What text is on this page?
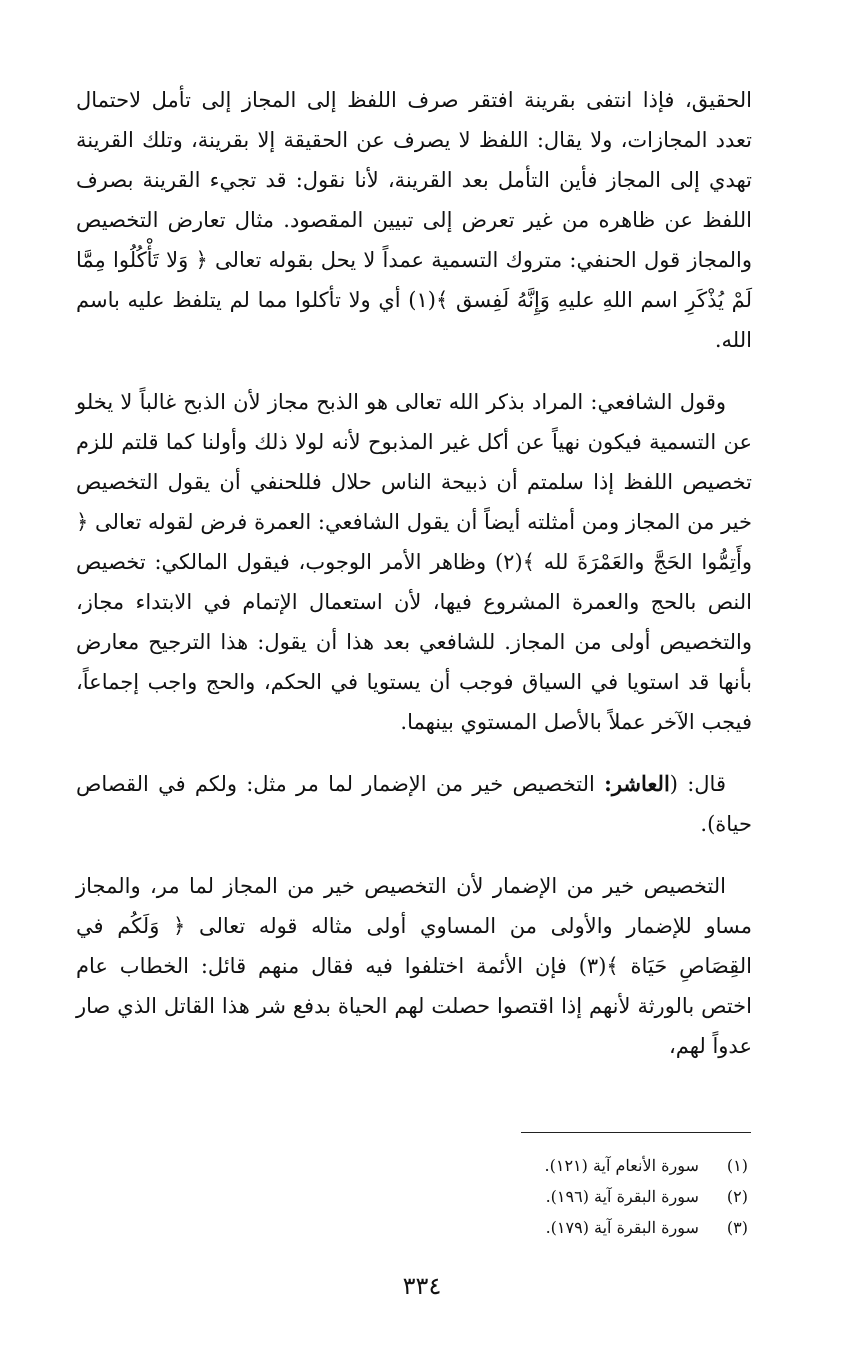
الحقيق، فإذا انتفى بقرينة افتقر صرف اللفظ إلى المجاز إلى تأمل لاحتمال تعدد المجازات، ولا يقال: اللفظ لا يصرف عن الحقيقة إلا بقرينة، وتلك القرينة تهدي إلى المجاز فأين التأمل بعد القرينة، لأنا نقول: قد تجيء القرينة بصرف اللفظ عن ظاهره من غير تعرض إلى تبيين المقصود. مثال تعارض التخصيص والمجاز قول الحنفي: متروك التسمية عمداً لا يحل بقوله تعالى ﴿ وَلا تَأْكُلُوا مِمَّا لَمْ يُذْكَرِ اسم اللهِ عليهِ وَإِنَّهُ لَفِسق ﴾(١) أي ولا تأكلوا مما لم يتلفظ عليه باسم الله.

وقول الشافعي: المراد بذكر الله تعالى هو الذبح مجاز لأن الذبح غالباً لا يخلو عن التسمية فيكون نهياً عن أكل غير المذبوح لأنه لولا ذلك وأولنا كما قلتم للزم تخصيص اللفظ إذا سلمتم أن ذبيحة الناس حلال فللحنفي أن يقول التخصيص خير من المجاز ومن أمثلته أيضاً أن يقول الشافعي: العمرة فرض لقوله تعالى ﴿ وأَتِمُّوا الحَجَّ والعَمْرَةَ لله ﴾(٢) وظاهر الأمر الوجوب، فيقول المالكي: تخصيص النص بالحج والعمرة المشروع فيها، لأن استعمال الإتمام في الابتداء مجاز، والتخصيص أولى من المجاز. للشافعي بعد هذا أن يقول: هذا الترجيح معارض بأنها قد استويا في السياق فوجب أن يستويا في الحكم، والحج واجب إجماعاً، فيجب الآخر عملاً بالأصل المستوي بينهما.

قال: (العاشر: التخصيص خير من الإضمار لما مر مثل: ولكم في القصاص حياة).

التخصيص خير من الإضمار لأن التخصيص خير من المجاز لما مر، والمجاز مساو للإضمار والأولى من المساوي أولى مثاله قوله تعالى ﴿ وَلَكُم في القِصَاصِ حَيَاة ﴾(٣) فإن الأئمة اختلفوا فيه فقال منهم قائل: الخطاب عام اختص بالورثة لأنهم إذا اقتصوا حصلت لهم الحياة بدفع شر هذا القاتل الذي صار عدواً لهم،

(١) سورة الأنعام آية (١٢١).
(٢) سورة البقرة آية (١٩٦).
(٣) سورة البقرة آية (١٧٩).
٣٣٤
